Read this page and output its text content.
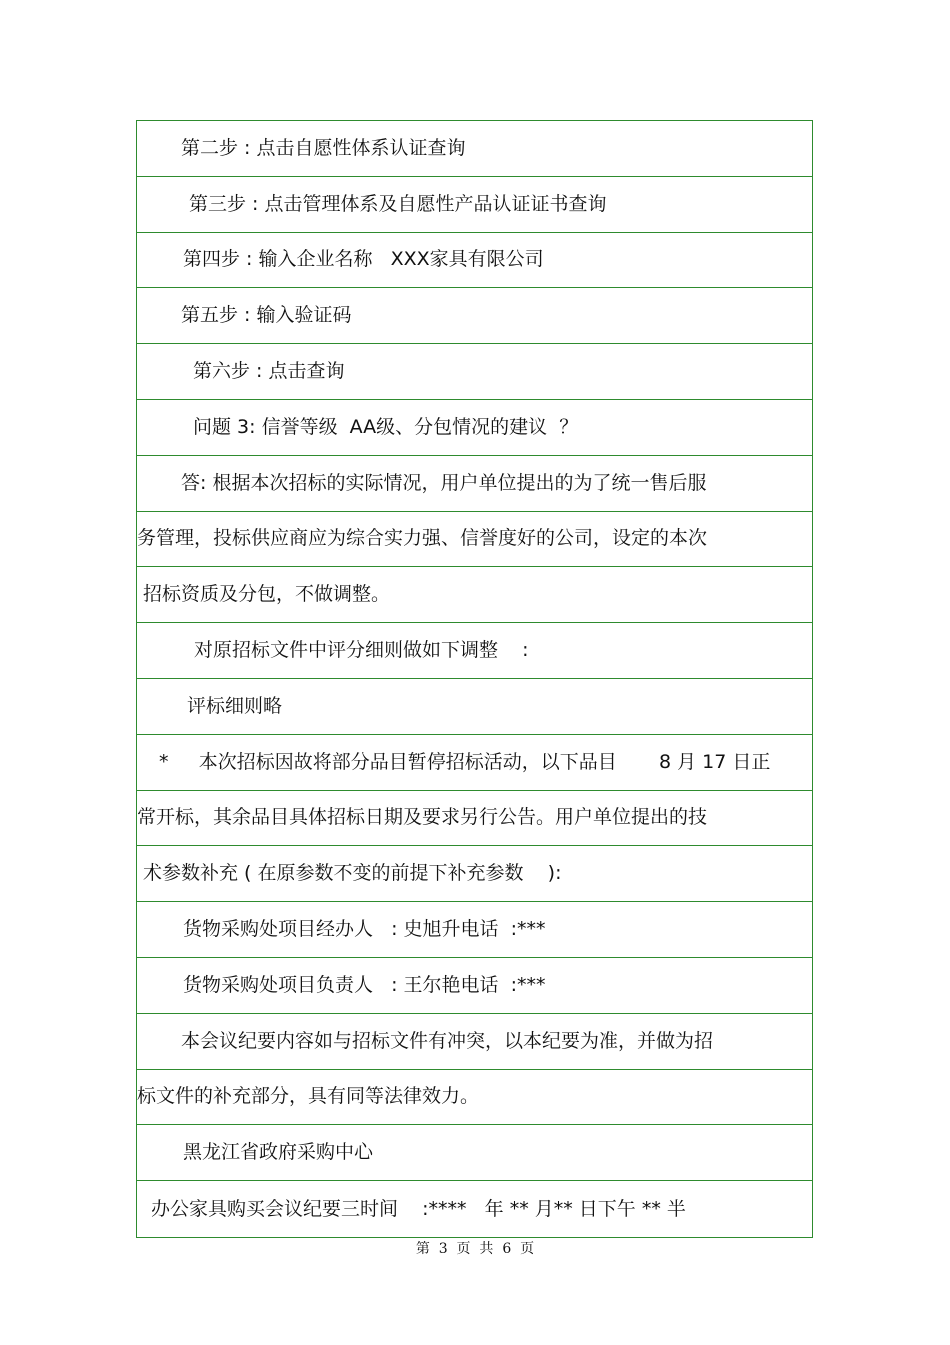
第二步 : 点击自愿性体系认证查询
第三步 : 点击管理体系及自愿性产品认证证书查询
第四步 : 输入企业名称   XXX家具有限公司
第五步 : 输入验证码
第六步 : 点击查询
问题 3: 信誉等级  AA级、分包情况的建议  ？
答: 根据本次招标的实际情况，用户单位提出的为了统一售后服
务管理，投标供应商应为综合实力强、信誉度好的公司，设定的本次
招标资质及分包，不做调整。
对原招标文件中评分细则做如下调整    :
评标细则略
*     本次招标因故将部分品目暂停招标活动，以下品目       8 月 17 日正
常开标，其余品目具体招标日期及要求另行公告。用户单位提出的技
术参数补充 ( 在原参数不变的前提下补充参数    ):
货物采购处项目经办人   : 史旭升电话  :***
货物采购处项目负责人   : 王尔艳电话  :***
本会议纪要内容如与招标文件有冲突，以本纪要为准，并做为招
标文件的补充部分，具有同等法律效力。
黑龙江省政府采购中心
办公家具购买会议纪要三时间    :****   年 ** 月** 日下午 ** 半
第  3  页  共  6  页
